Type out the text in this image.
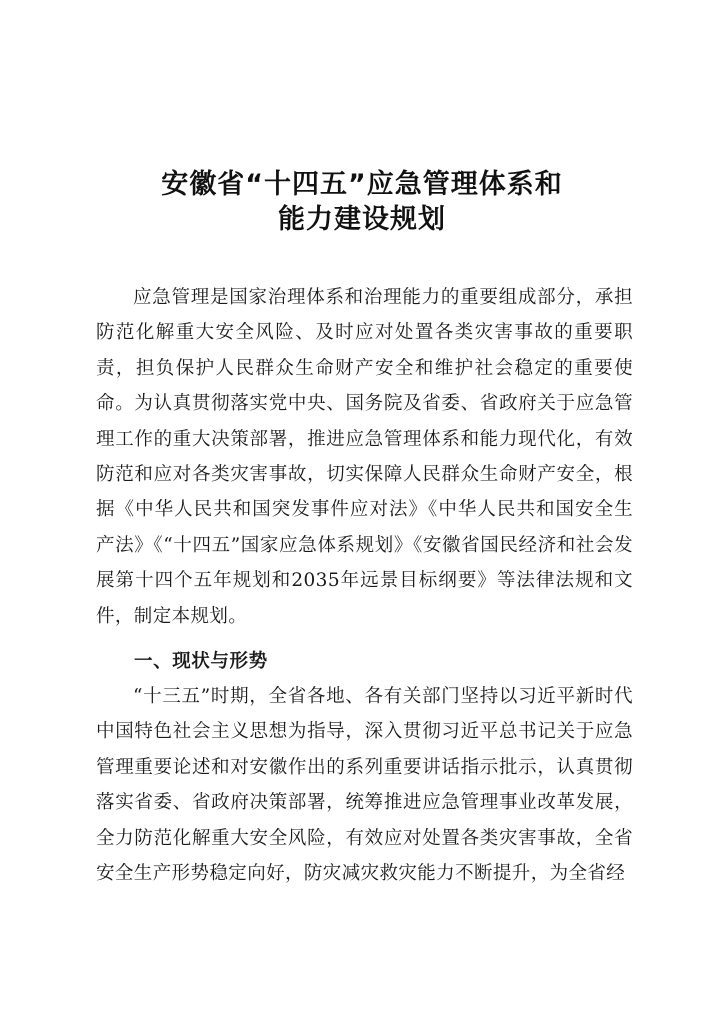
安徽省“十四五”应急管理体系和
能力建设规划

应急管理是国家治理体系和治理能力的重要组成部分，承担防范化解重大安全风险、及时应对处置各类灾害事故的重要职责，担负保护人民群众生命财产安全和维护社会稳定的重要使命。为认真贯彻落实党中央、国务院及省委、省政府关于应急管理工作的重大决策部署，推进应急管理体系和能力现代化，有效防范和应对各类灾害事故，切实保障人民群众生命财产安全，根据《中华人民共和国突发事件应对法》《中华人民共和国安全生产法》《“十四五”国家应急体系规划》《安徽省国民经济和社会发展第十四个五年规划和2035年远景目标纲要》等法律法规和文件，制定本规划。

一、现状与形势

“十三五”时期，全省各地、各有关部门坚持以习近平新时代中国特色社会主义思想为指导，深入贯彻习近平总书记关于应急管理重要论述和对安徽作出的系列重要讲话指示批示，认真贯彻落实省委、省政府决策部署，统筹推进应急管理事业改革发展，全力防范化解重大安全风险，有效应对处置各类灾害事故，全省安全生产形势稳定向好，防灾减灾救灾能力不断提升，为全省经
